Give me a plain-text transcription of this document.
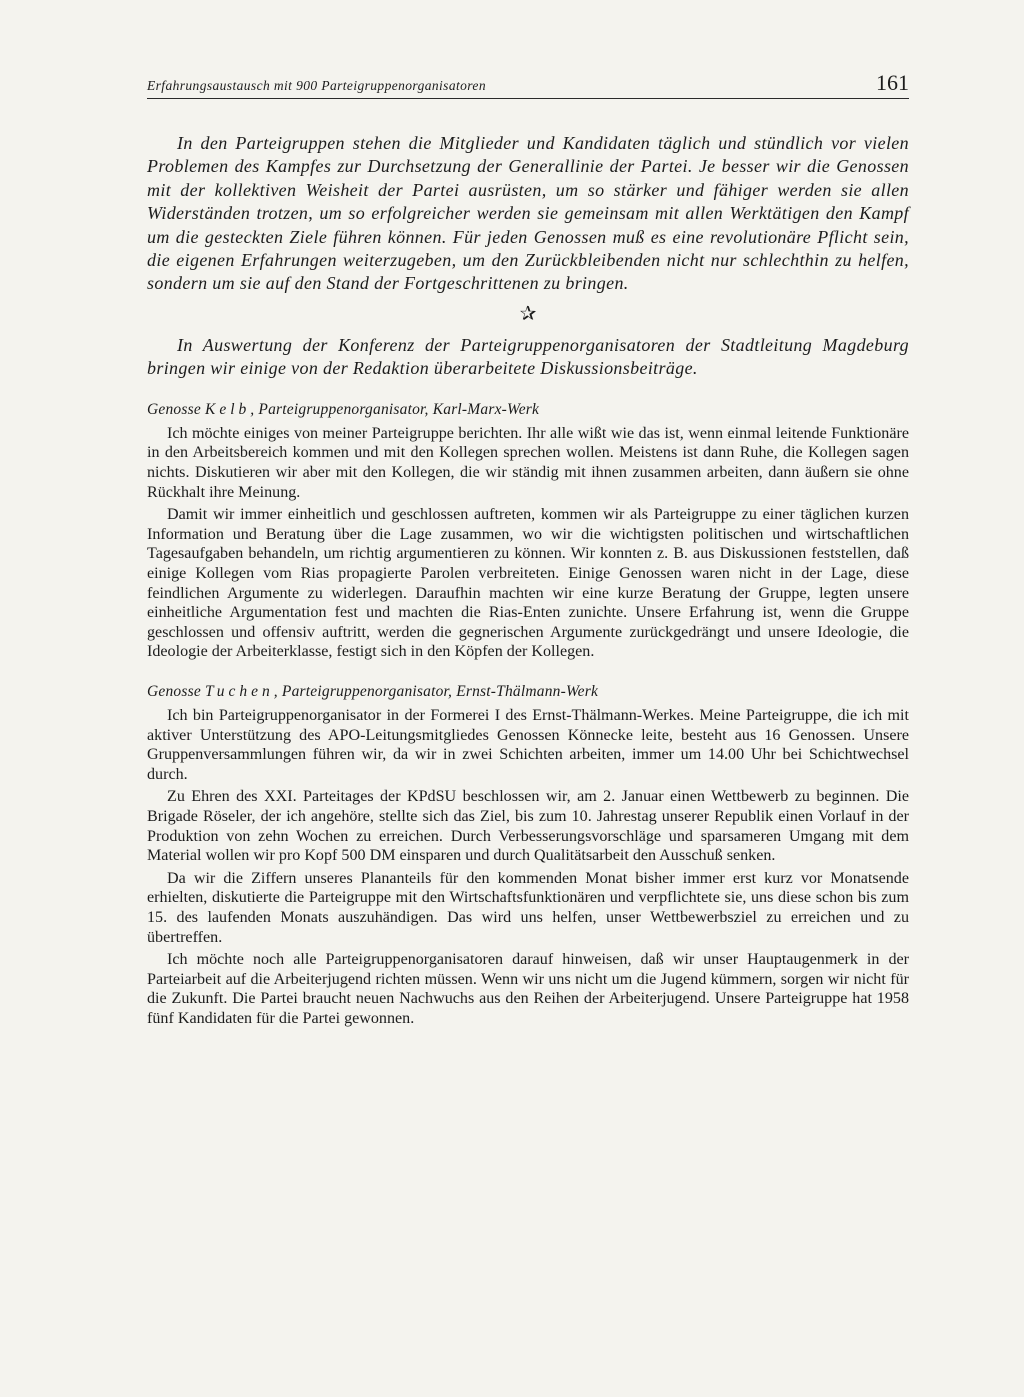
Erfahrungsaustausch mit 900 Parteigruppenorganisatoren	161

In den Parteigruppen stehen die Mitglieder und Kandidaten täglich und stündlich vor vielen Problemen des Kampfes zur Durchsetzung der Generallinie der Partei. Je besser wir die Genossen mit der kollektiven Weisheit der Partei ausrüsten, um so stärker und fähiger werden sie allen Widerständen trotzen, um so erfolgreicher werden sie gemeinsam mit allen Werktätigen den Kampf um die gesteckten Ziele führen können. Für jeden Genossen muß es eine revolutionäre Pflicht sein, die eigenen Erfahrungen weiterzugeben, um den Zurückbleibenden nicht nur schlechthin zu helfen, sondern um sie auf den Stand der Fortgeschrittenen zu bringen.

✰

In Auswertung der Konferenz der Parteigruppenorganisatoren der Stadtleitung Magdeburg bringen wir einige von der Redaktion überarbeitete Diskussionsbeiträge.

Genosse Kelb, Parteigruppenorganisator, Karl-Marx-Werk

Ich möchte einiges von meiner Parteigruppe berichten. Ihr alle wißt wie das ist, wenn einmal leitende Funktionäre in den Arbeitsbereich kommen und mit den Kollegen sprechen wollen. Meistens ist dann Ruhe, die Kollegen sagen nichts. Diskutieren wir aber mit den Kollegen, die wir ständig mit ihnen zusammen arbeiten, dann äußern sie ohne Rückhalt ihre Meinung.

Damit wir immer einheitlich und geschlossen auftreten, kommen wir als Parteigruppe zu einer täglichen kurzen Information und Beratung über die Lage zusammen, wo wir die wichtigsten politischen und wirtschaftlichen Tagesaufgaben behandeln, um richtig argumentieren zu können. Wir konnten z. B. aus Diskussionen feststellen, daß einige Kollegen vom Rias propagierte Parolen verbreiteten. Einige Genossen waren nicht in der Lage, diese feindlichen Argumente zu widerlegen. Daraufhin machten wir eine kurze Beratung der Gruppe, legten unsere einheitliche Argumentation fest und machten die Rias-Enten zunichte. Unsere Erfahrung ist, wenn die Gruppe geschlossen und offensiv auftritt, werden die gegnerischen Argumente zurückgedrängt und unsere Ideologie, die Ideologie der Arbeiterklasse, festigt sich in den Köpfen der Kollegen.

Genosse Tuchen, Parteigruppenorganisator, Ernst-Thälmann-Werk

Ich bin Parteigruppenorganisator in der Formerei I des Ernst-Thälmann-Werkes. Meine Parteigruppe, die ich mit aktiver Unterstützung des APO-Leitungsmitgliedes Genossen Könnecke leite, besteht aus 16 Genossen. Unsere Gruppenversammlungen führen wir, da wir in zwei Schichten arbeiten, immer um 14.00 Uhr bei Schichtwechsel durch.

Zu Ehren des XXI. Parteitages der KPdSU beschlossen wir, am 2. Januar einen Wettbewerb zu beginnen. Die Brigade Röseler, der ich angehöre, stellte sich das Ziel, bis zum 10. Jahrestag unserer Republik einen Vorlauf in der Produktion von zehn Wochen zu erreichen. Durch Verbesserungsvorschläge und sparsameren Umgang mit dem Material wollen wir pro Kopf 500 DM einsparen und durch Qualitätsarbeit den Ausschuß senken.

Da wir die Ziffern unseres Plananteils für den kommenden Monat bisher immer erst kurz vor Monatsende erhielten, diskutierte die Parteigruppe mit den Wirtschaftsfunktionären und verpflichtete sie, uns diese schon bis zum 15. des laufenden Monats auszuhändigen. Das wird uns helfen, unser Wettbewerbsziel zu erreichen und zu übertreffen.

Ich möchte noch alle Parteigruppenorganisatoren darauf hinweisen, daß wir unser Hauptaugenmerk in der Parteiarbeit auf die Arbeiterjugend richten müssen. Wenn wir uns nicht um die Jugend kümmern, sorgen wir nicht für die Zukunft. Die Partei braucht neuen Nachwuchs aus den Reihen der Arbeiterjugend. Unsere Parteigruppe hat 1958 fünf Kandidaten für die Partei gewonnen.
